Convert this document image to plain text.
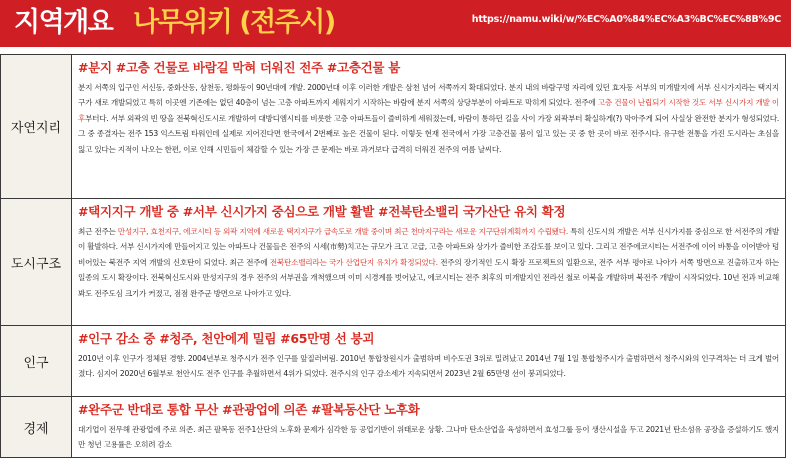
지역개요 나무위키 (전주시)	https://namu.wiki/w/%EC%A0%84%EC%A3%BC%EC%8B%9C
자연지리	#분지 #고층 건물로 바람길 막혀 더워진 전주 #고층건물 붐
분지 서쪽의 입구인 서신동, 중화산동, 삼천동, 평화동이 90년대에 개발. 2000년대 이후 이러한 개발은 삼천 넘어 서쪽까지 확대되었다. 분지 내의 바람구멍 자리에 있던 효자동 서부의 미개발지에 서부 신시가지라는 택지지구가 새로 개발되었고 특히 이곳엔 기존에는 없던 40층이 넘는 고층 아파트까지 세워지기 시작하는 바람에 분지 서쪽의 상당부분이 아파트로 막히게 되었다. 전주에 고층 건물이 난립되기 시작한 것도 서부 신시가지 개발 이후부터다. 서부 외곽의 빈 땅을 전북혁신도시로 개발하여 대방디엠시티를 비롯한 고층 아파트들이 즐비하게 세워졌는데, 바람이 통하던 길을 사이 가장 외곽부터 확실하게(?) 막아주게 되어 사실상 완전한 분지가 형성되었다. 그 중 종결자는 전주 153 익스트림 타워인데 실제로 지어진다면 한국에서 2번째로 높은 건물이 된다. 이렇듯 현재 전국에서 가장 고층건물 붐이 일고 있는 곳 중 한 곳이 바로 전주시다. 유구한 전통을 가진 도시라는 초심을 잃고 있다는 지적이 나오는 한편, 이로 인해 시민들이 체감할 수 있는 가장 큰 문제는 바로 과거보다 급격히 더워진 전주의 여름 날씨다.

도시구조	#택지지구 개발 중 #서부 신시가지 중심으로 개발 활발 #전북탄소밸리 국가산단 유치 확정
최근 전주는 만성지구, 효천지구, 에코시티 등 외곽 지역에 새로운 택지지구가 급속도로 개발 중이며 최근 천마지구라는 새로운 지구단위계획까지 수립됐다. 특히 신도시의 개발은 서부 신시가지를 중심으로 한 서전주의 개발이 활발하다. 서부 신시가지에 만들어지고 있는 아파트나 건물들은 전주의 시세(市勢)치고는 규모가 크고 고급, 고층 아파트와 상가가 즐비한 조감도를 보이고 있다. 그리고 전주에코시티는 서전주에 이어 바통을 이어받아 텅 비어있는 북전주 지역 개발의 신호탄이 되었다. 최근 전주에 전북탄소밸리라는 국가 산업단지 유치가 확정되었다. 전주의 장기적인 도시 확장 프로젝트의 일환으로, 전주 서부 평야로 나아가 서쪽 방면으로 진출하고자 하는 일종의 도시 확장이다. 전북혁신도시와 만성지구의 경우 전주의 서부권을 개척했으며 이미 시경계를 벗어났고, 에코시티는 전주 최후의 미개발지인 전라선 철로 이북을 개발하며 북전주 개발이 시작되었다. 10년 전과 비교해봐도 전주도심 크기가 커졌고, 점점 완주군 방면으로 나아가고 있다.

인구	#인구 감소 중 #청주, 천안에게 밀림 #65만명 선 붕괴
2010년 이후 인구가 정체된 경향. 2004년부로 청주시가 전주 인구를 앞질러버림. 2010년 통합창원시가 출범하며 비수도권 3위로 밀려났고 2014년 7월 1일 통합청주시가 출범하면서 청주시와의 인구격차는 더 크게 벌어졌다. 심지어 2020년 6월부로 천안시도 전주 인구를 추월하면서 4위가 되었다. 전주시의 인구 감소세가 지속되면서 2023년 2월 65만명 선이 붕괴되었다.

경제	#완주군 반대로 통합 무산 #관광업에 의존 #팔복동산단 노후화
대기업이 전무해 관광업에 주로 의존. 최근 팔복동 전주1산단의 노후화 문제가 심각한 등 공업기반이 위태로운 상황. 그나마 탄소산업을 육성하면서 효성그룹 등이 생산시설을 두고 2021년 탄소섬유 공장을 증설하기도 했지만 청년 고용률은 오히려 감소
